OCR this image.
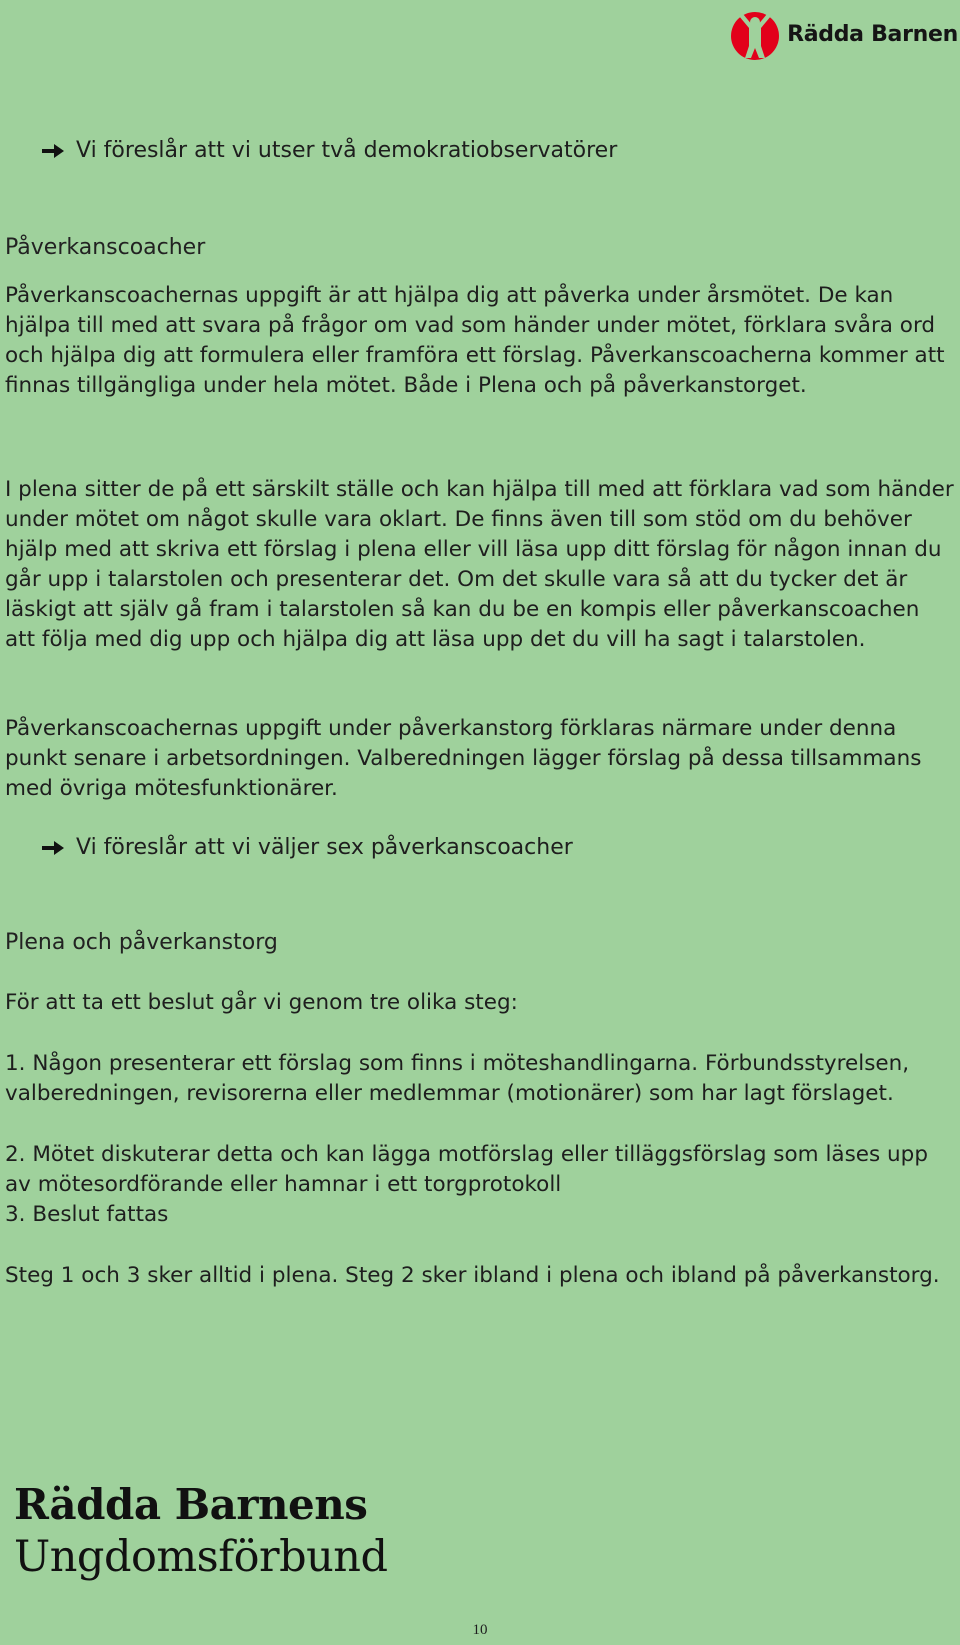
Rädda Barnen
Vi föreslår att vi utser två demokratiobservatörer
Påverkanscoacher

Påverkanscoachernas uppgift är att hjälpa dig att påverka under årsmötet. De kan hjälpa till med att svara på frågor om vad som händer under mötet, förklara svåra ord och hjälpa dig att formulera eller framföra ett förslag. Påverkanscoacherna kommer att finnas tillgängliga under hela mötet. Både i Plena och på påverkanstorget.

I plena sitter de på ett särskilt ställe och kan hjälpa till med att förklara vad som händer under mötet om något skulle vara oklart. De finns även till som stöd om du behöver hjälp med att skriva ett förslag i plena eller vill läsa upp ditt förslag för någon innan du går upp i talarstolen och presenterar det. Om det skulle vara så att du tycker det är läskigt att själv gå fram i talarstolen så kan du be en kompis eller påverkanscoachen att följa med dig upp och hjälpa dig att läsa upp det du vill ha sagt i talarstolen.

Påverkanscoachernas uppgift under påverkanstorg förklaras närmare under denna punkt senare i arbetsordningen. Valberedningen lägger förslag på dessa tillsammans med övriga mötesfunktionärer.

Vi föreslår att vi väljer sex påverkanscoacher
Plena och påverkanstorg

För att ta ett beslut går vi genom tre olika steg:

1. Någon presenterar ett förslag som finns i möteshandlingarna. Förbundsstyrelsen, valberedningen, revisorerna eller medlemmar (motionärer) som har lagt förslaget.

2. Mötet diskuterar detta och kan lägga motförslag eller tilläggsförslag som läses upp av mötesordförande eller hamnar i ett torgprotokoll

3. Beslut fattas

Steg 1 och 3 sker alltid i plena. Steg 2 sker ibland i plena och ibland på påverkanstorg.

Rädda Barnens
Ungdomsförbund
10
